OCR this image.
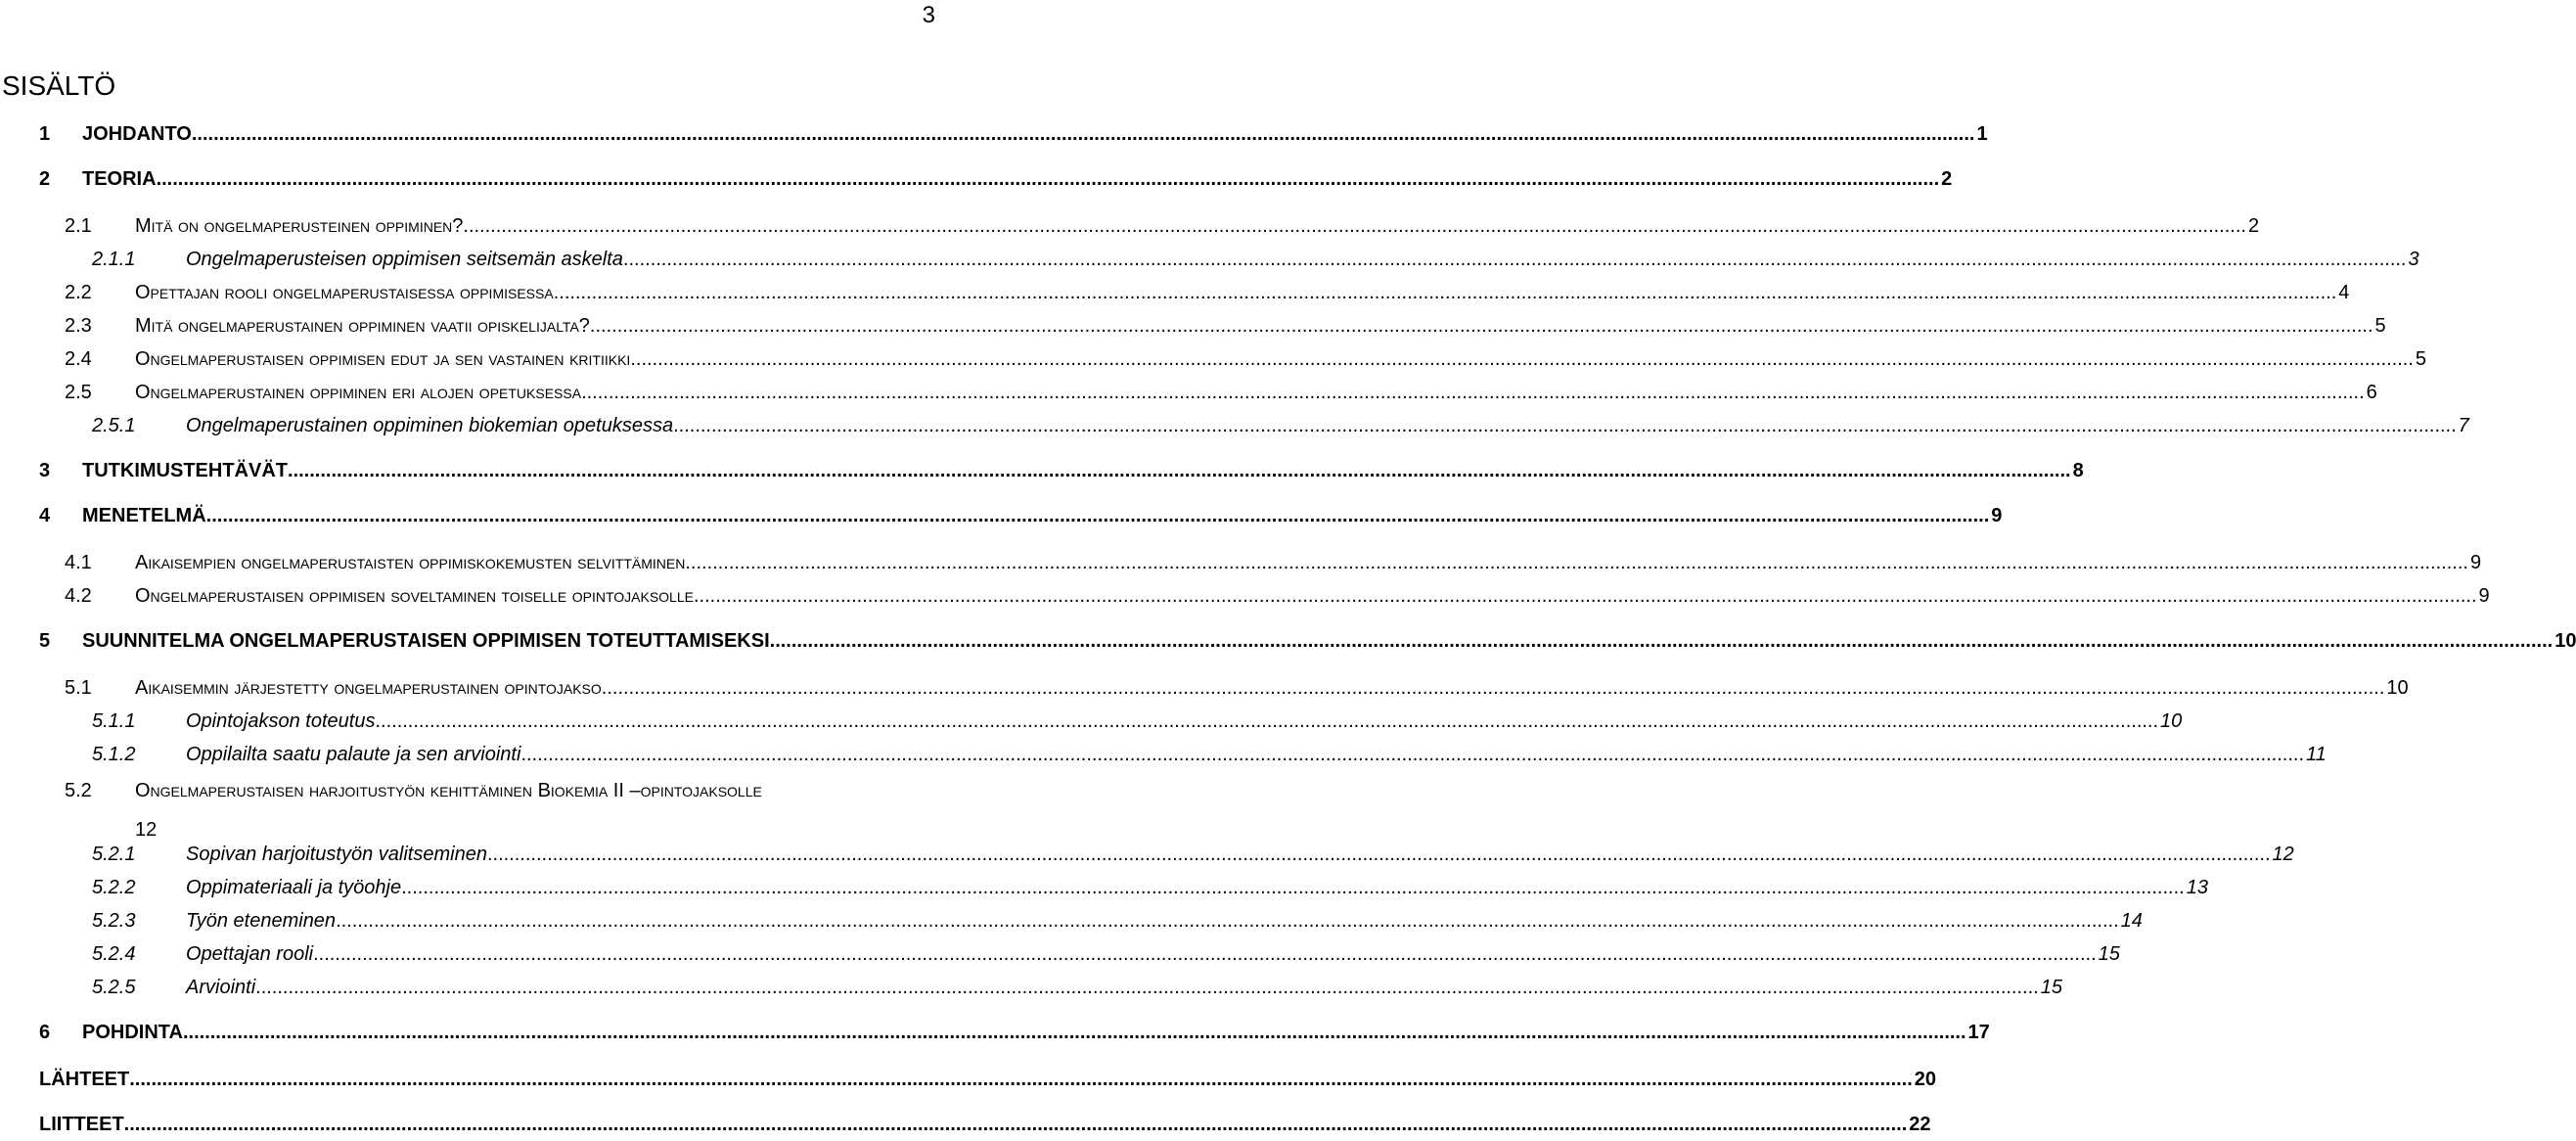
3
SISÄLTÖ
1	JOHDANTO .....	1
2	TEORIA .....	2
2.1	Mitä on ongelmaperusteinen oppiminen? .....	2
2.1.1	Ongelmaperusteisen oppimisen seitsemän askelta .....	3
2.2	Opettajan rooli ongelmaperustaisessa oppimisessa .....	4
2.3	Mitä ongelmaperustainen oppiminen vaatii opiskelijalta? .....	5
2.4	Ongelmaperustaisen oppimisen edut ja sen vastainen kritiikki .....	5
2.5	Ongelmaperustainen oppiminen eri alojen opetuksessa .....	6
2.5.1	Ongelmaperustainen oppiminen biokemian opetuksessa .....	7
3	TUTKIMUSTEHTÄVÄT .....	8
4	MENETELMÄ .....	9
4.1	Aikaisempien ongelmaperustaisten oppimiskokemusten selvittäminen .....	9
4.2	Ongelmaperustaisen oppimisen soveltaminen toiselle opintojaksolle .....	9
5	SUUNNITELMA ONGELMAPERUSTAISEN OPPIMISEN TOTEUTTAMISEKSI .....	10
5.1	Aikaisemmin järjestetty ongelmaperustainen opintojakso .....	10
5.1.1	Opintojakson toteutus .....	10
5.1.2	Oppilailta saatu palaute ja sen arviointi .....	11
5.2 Ongelmaperustaisen harjoitustyön kehittäminen Biokemia II –opintojaksolle
12
5.2.1	Sopivan harjoitustyön valitseminen .....	12
5.2.2	Oppimateriaali ja työohje .....	13
5.2.3	Työn eteneminen .....	14
5.2.4	Opettajan rooli .....	15
5.2.5	Arviointi .....	15
6	POHDINTA .....	17
LÄHTEET .....	20
LIITTEET .....	22
